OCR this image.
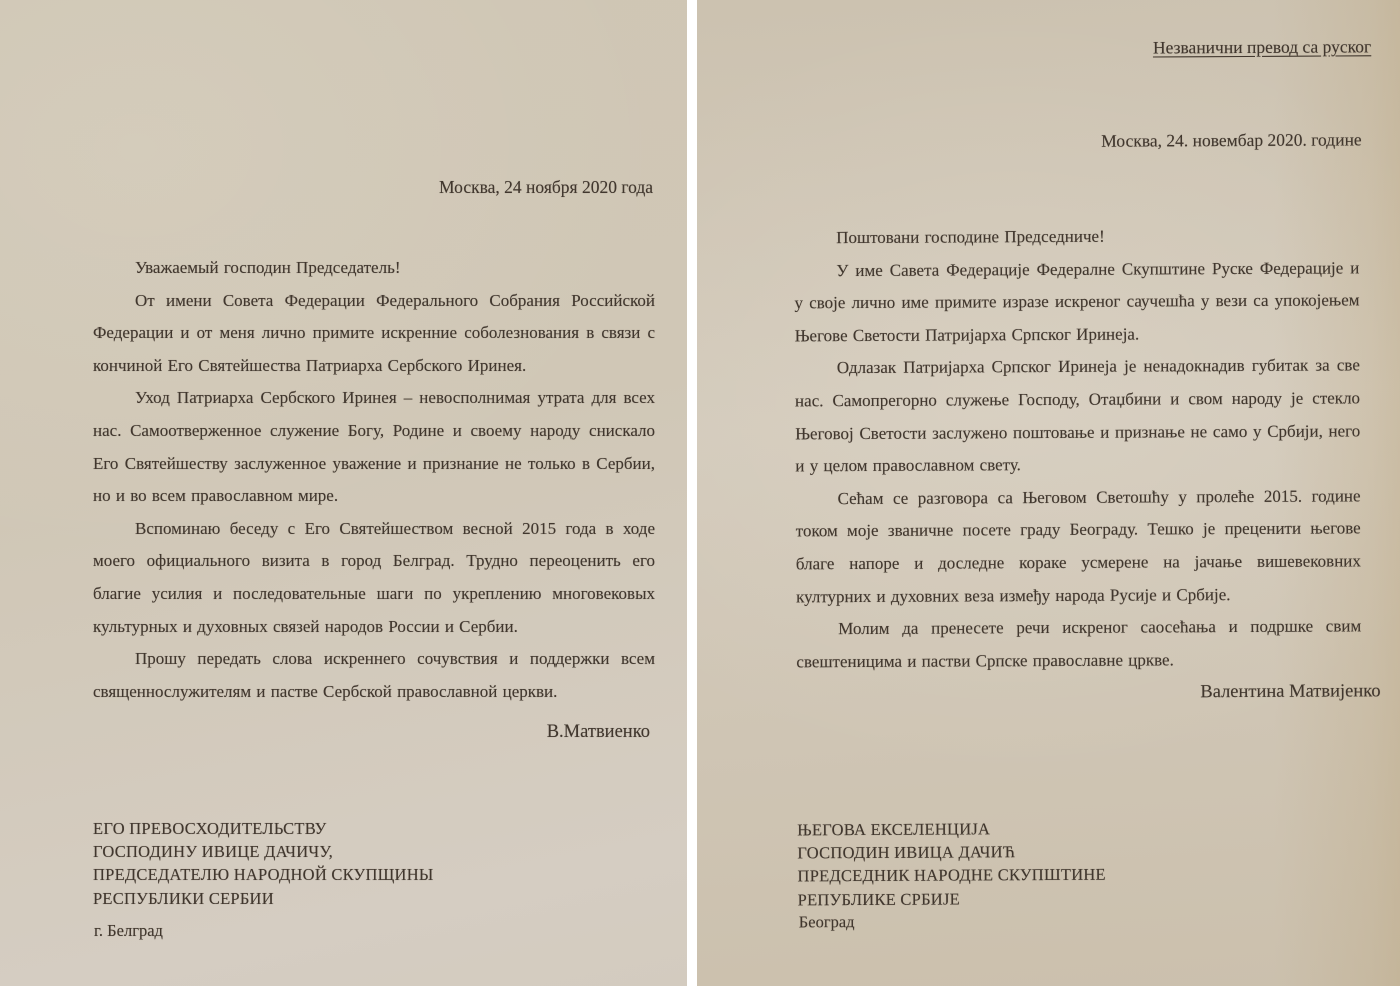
Москва, 24 ноября 2020 года

Уважаемый господин Председатель!

От имени Совета Федерации Федерального Собрания Российской Федерации и от меня лично примите искренние соболезнования в связи с кончиной Его Святейшества Патриарха Сербского Иринея.

Уход Патриарха Сербского Иринея – невосполнимая утрата для всех нас. Самоотверженное служение Богу, Родине и своему народу снискало Его Святейшеству заслуженное уважение и признание не только в Сербии, но и во всем православном мире.

Вспоминаю беседу с Его Святейшеством весной 2015 года в ходе моего официального визита в город Белград. Трудно переоценить его благие усилия и последовательные шаги по укреплению многовековых культурных и духовных связей народов России и Сербии.

Прошу передать слова искреннего сочувствия и поддержки всем священнослужителям и пастве Сербской православной церкви.

В.Матвиенко
ЕГО ПРЕВОСХОДИТЕЛЬСТВУ
ГОСПОДИНУ ИВИЦЕ ДАЧИЧУ,
ПРЕДСЕДАТЕЛЮ НАРОДНОЙ СКУПЩИНЫ
РЕСПУБЛИКИ СЕРБИИ
г. Белград
Незванични превод са руског
Москва, 24. новембар 2020. године

Поштовани господине Председниче!

У име Савета Федерације Федералне Скупштине Руске Федерације и у своје лично име примите изразе искреног саучешћа у вези са упокојењем Његове Светости Патријарха Српског Иринеја.

Одлазак Патријарха Српског Иринеја је ненадокнадив губитак за све нас. Самопрегорно служење Господу, Отаџбини и свом народу је стекло Његовој Светости заслужено поштовање и признање не само у Србији, него и у целом православном свету.

Сећам се разговора са Његовом Светошћу у пролеће 2015. године током моје званичне посете граду Београду. Тешко је преценити његове благе напоре и доследне кораке усмерене на јачање вишевековних културних и духовних веза између народа Русије и Србије.

Молим да пренесете речи искреног саосећања и подршке свим свештеницима и пастви Српске православне цркве.

Валентина Матвијенко
ЊЕГОВА ЕКСЕЛЕНЦИЈА
ГОСПОДИН ИВИЦА ДАЧИЋ
ПРЕДСЕДНИК НАРОДНЕ СКУПШТИНЕ
РЕПУБЛИКЕ СРБИЈЕ
Београд
